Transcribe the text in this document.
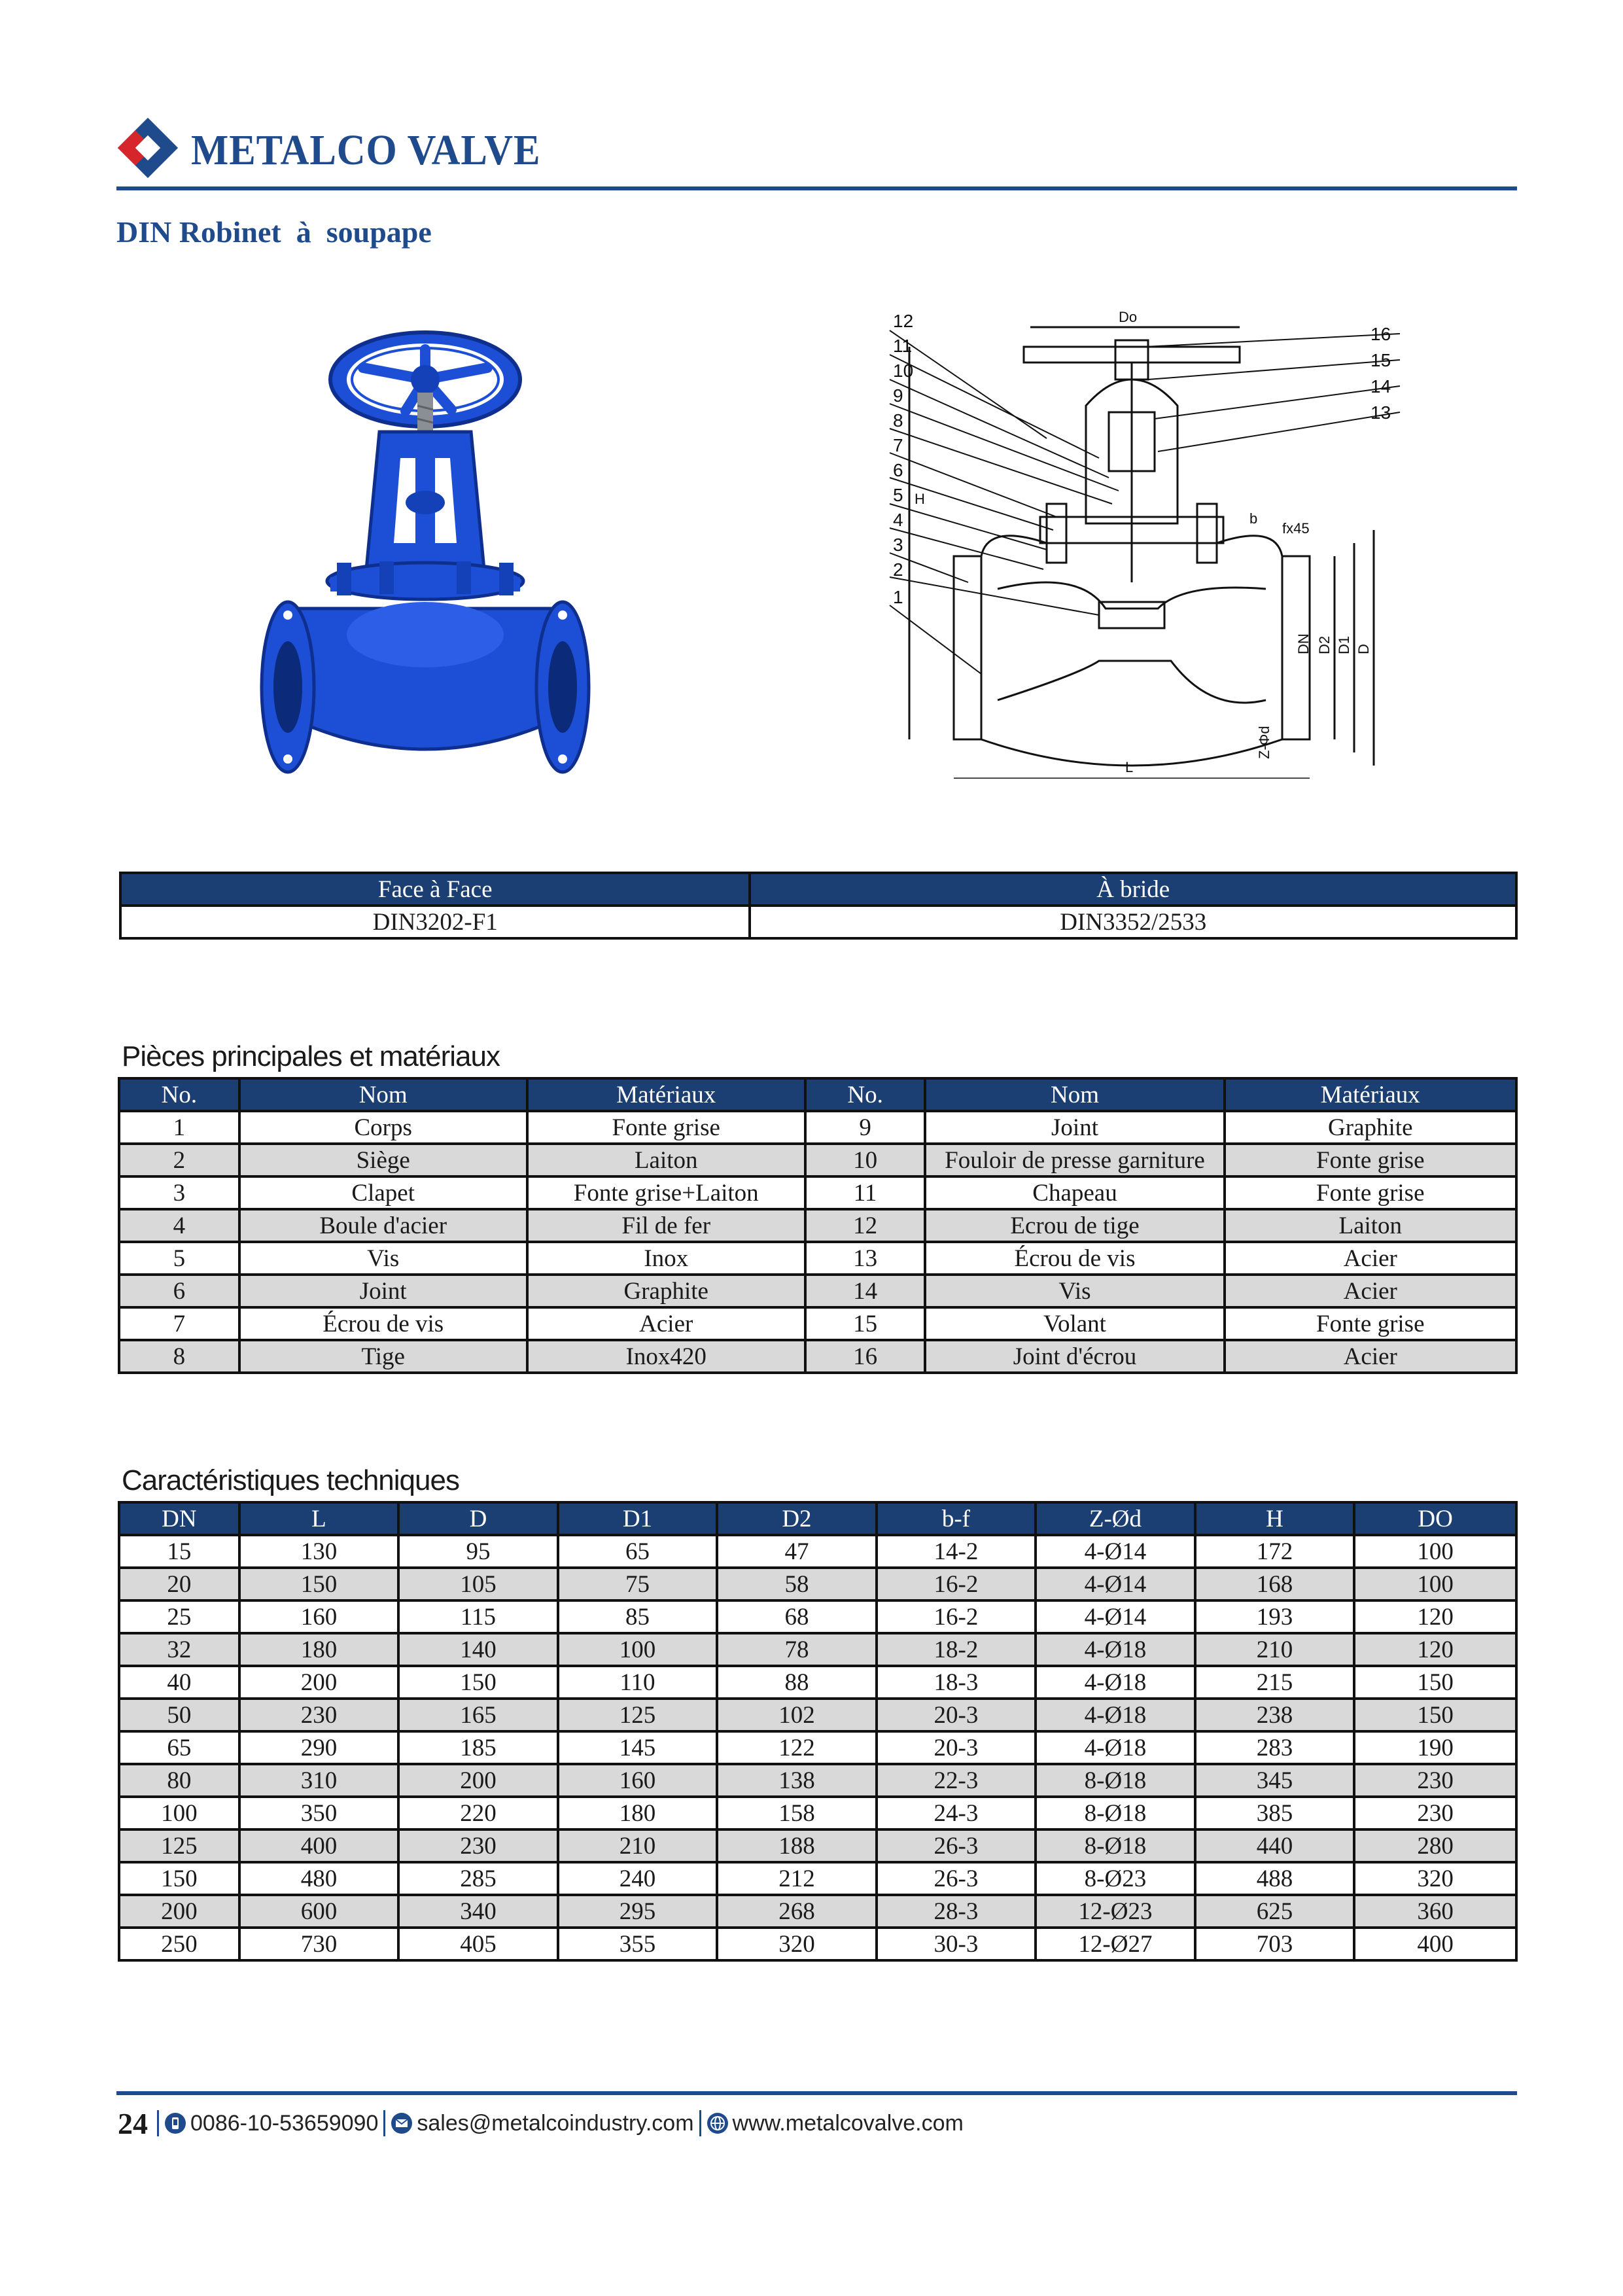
METALCO VALVE
DIN Robinet  à  soupape
12
11
10
9
8
7
6
5
4
3
2
1
16
15
14
13
Do
H
b
fx45
DN D2 D1 D
Z-Φd
L
Face à Face	À bride
DIN3202-F1	DIN3352/2533
Pièces principales et matériaux
No.	Nom	Matériaux	No.	Nom	Matériaux
1	Corps	Fonte grise	9	Joint	Graphite
2	Siège	Laiton	10	Fouloir de presse garniture	Fonte grise
3	Clapet	Fonte grise+Laiton	11	Chapeau	Fonte grise
4	Boule d'acier	Fil de fer	12	Ecrou de tige	Laiton
5	Vis	Inox	13	Écrou de vis	Acier
6	Joint	Graphite	14	Vis	Acier
7	Écrou de vis	Acier	15	Volant	Fonte grise
8	Tige	Inox420	16	Joint d'écrou	Acier
Caractéristiques techniques
DN	L	D	D1	D2	b-f	Z-Ød	H	DO
15	130	95	65	47	14-2	4-Ø14	172	100
20	150	105	75	58	16-2	4-Ø14	168	100
25	160	115	85	68	16-2	4-Ø14	193	120
32	180	140	100	78	18-2	4-Ø18	210	120
40	200	150	110	88	18-3	4-Ø18	215	150
50	230	165	125	102	20-3	4-Ø18	238	150
65	290	185	145	122	20-3	4-Ø18	283	190
80	310	200	160	138	22-3	8-Ø18	345	230
100	350	220	180	158	24-3	8-Ø18	385	230
125	400	230	210	188	26-3	8-Ø18	440	280
150	480	285	240	212	26-3	8-Ø23	488	320
200	600	340	295	268	28-3	12-Ø23	625	360
250	730	405	355	320	30-3	12-Ø27	703	400
24 0086-10-53659090 sales@metalcoindustry.com www.metalcovalve.com
